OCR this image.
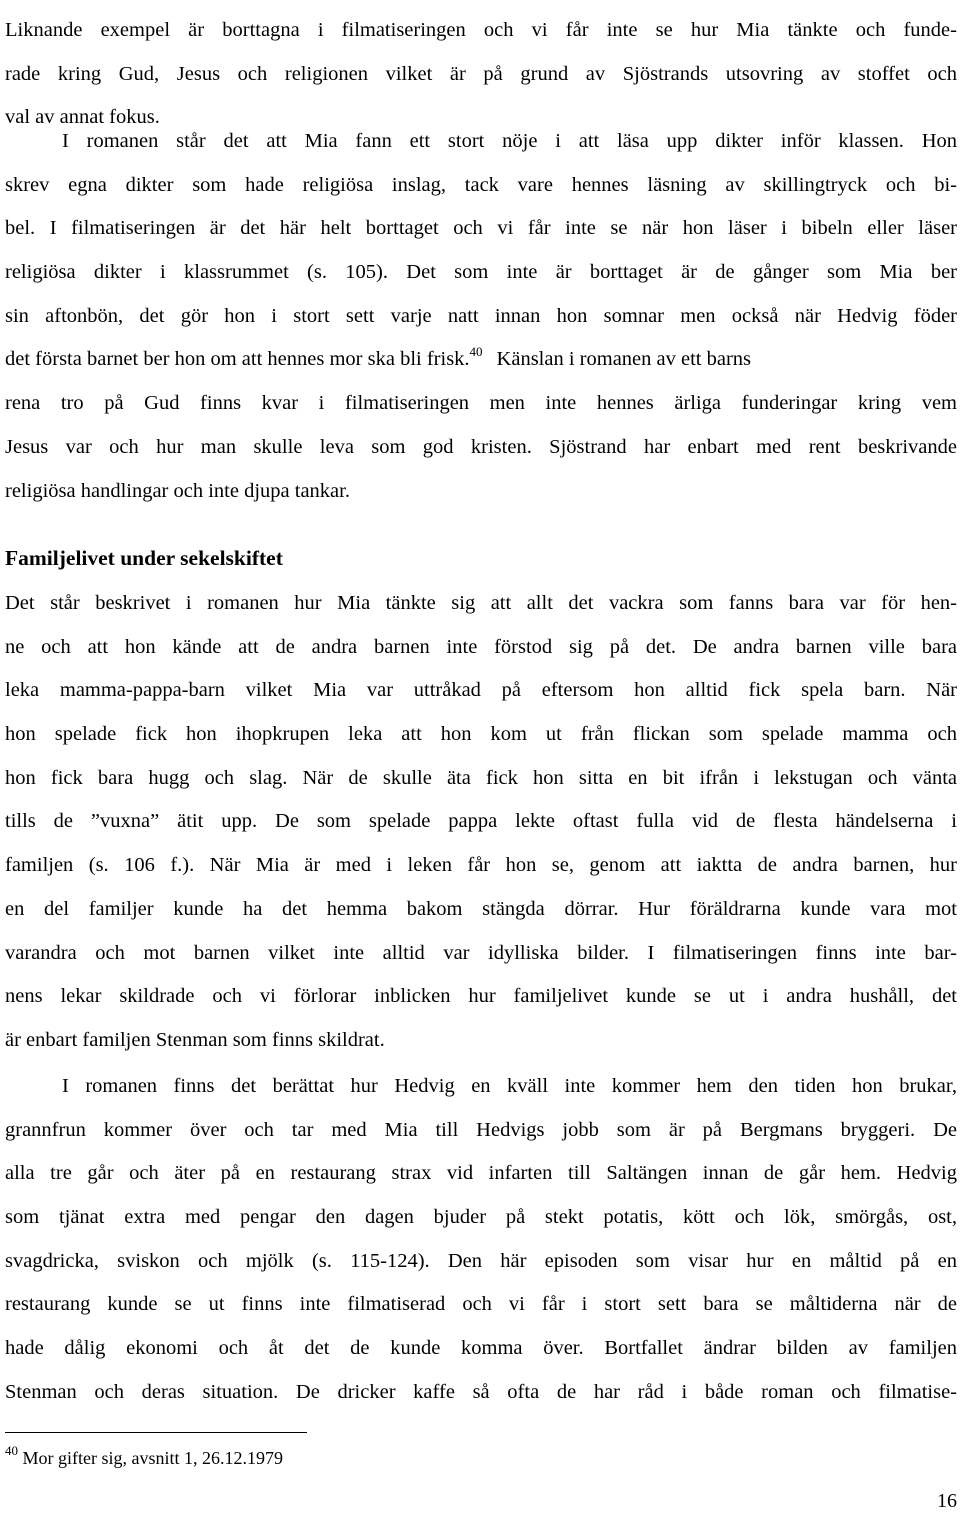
Liknande exempel är borttagna i filmatiseringen och vi får inte se hur Mia tänkte och funde-
rade kring Gud, Jesus och religionen vilket är på grund av Sjöstrands utsovring av stoffet och
val av annat fokus.
I romanen står det att Mia fann ett stort nöje i att läsa upp dikter inför klassen. Hon
skrev egna dikter som hade religiösa inslag, tack vare hennes läsning av skillingtryck och bi-
bel. I filmatiseringen är det här helt borttaget och vi får inte se när hon läser i bibeln eller läser
religiösa dikter i klassrummet (s. 105). Det som inte är borttaget är de gånger som Mia ber
sin aftonbön, det gör hon i stort sett varje natt innan hon somnar men också när Hedvig föder
det första barnet ber hon om att hennes mor ska bli frisk.$^{40}$ Känslan i romanen av ett barns
rena tro på Gud finns kvar i filmatiseringen men inte hennes ärliga funderingar kring vem
Jesus var och hur man skulle leva som god kristen. Sjöstrand har enbart med rent beskrivande
religiösa handlingar och inte djupa tankar.
Familjelivet under sekelskiftet
Det står beskrivet i romanen hur Mia tänkte sig att allt det vackra som fanns bara var för hen-
ne och att hon kände att de andra barnen inte förstod sig på det. De andra barnen ville bara
leka mamma-pappa-barn vilket Mia var uttråkad på eftersom hon alltid fick spela barn. När
hon spelade fick hon ihopkrupen leka att hon kom ut från flickan som spelade mamma och
hon fick bara hugg och slag. När de skulle äta fick hon sitta en bit ifrån i lekstugan och vänta
tills de ”vuxna” ätit upp. De som spelade pappa lekte oftast fulla vid de flesta händelserna i
familjen (s. 106 f.). När Mia är med i leken får hon se, genom att iaktta de andra barnen, hur
en del familjer kunde ha det hemma bakom stängda dörrar. Hur föräldrarna kunde vara mot
varandra och mot barnen vilket inte alltid var idylliska bilder. I filmatiseringen finns inte bar-
nens lekar skildrade och vi förlorar inblicken hur familjelivet kunde se ut i andra hushåll, det
är enbart familjen Stenman som finns skildrat.
I romanen finns det berättat hur Hedvig en kväll inte kommer hem den tiden hon brukar,
grannfrun kommer över och tar med Mia till Hedvigs jobb som är på Bergmans bryggeri. De
alla tre går och äter på en restaurang strax vid infarten till Saltängen innan de går hem. Hedvig
som tjänat extra med pengar den dagen bjuder på stekt potatis, kött och lök, smörgås, ost,
svagdricka, sviskon och mjölk (s. 115-124). Den här episoden som visar hur en måltid på en
restaurang kunde se ut finns inte filmatiserad och vi får i stort sett bara se måltiderna när de
hade dålig ekonomi och åt det de kunde komma över. Bortfallet ändrar bilden av familjen
Stenman och deras situation. De dricker kaffe så ofta de har råd i både roman och filmatise-
$^{40}$ Mor gifter sig, avsnitt 1, 26.12.1979
16
